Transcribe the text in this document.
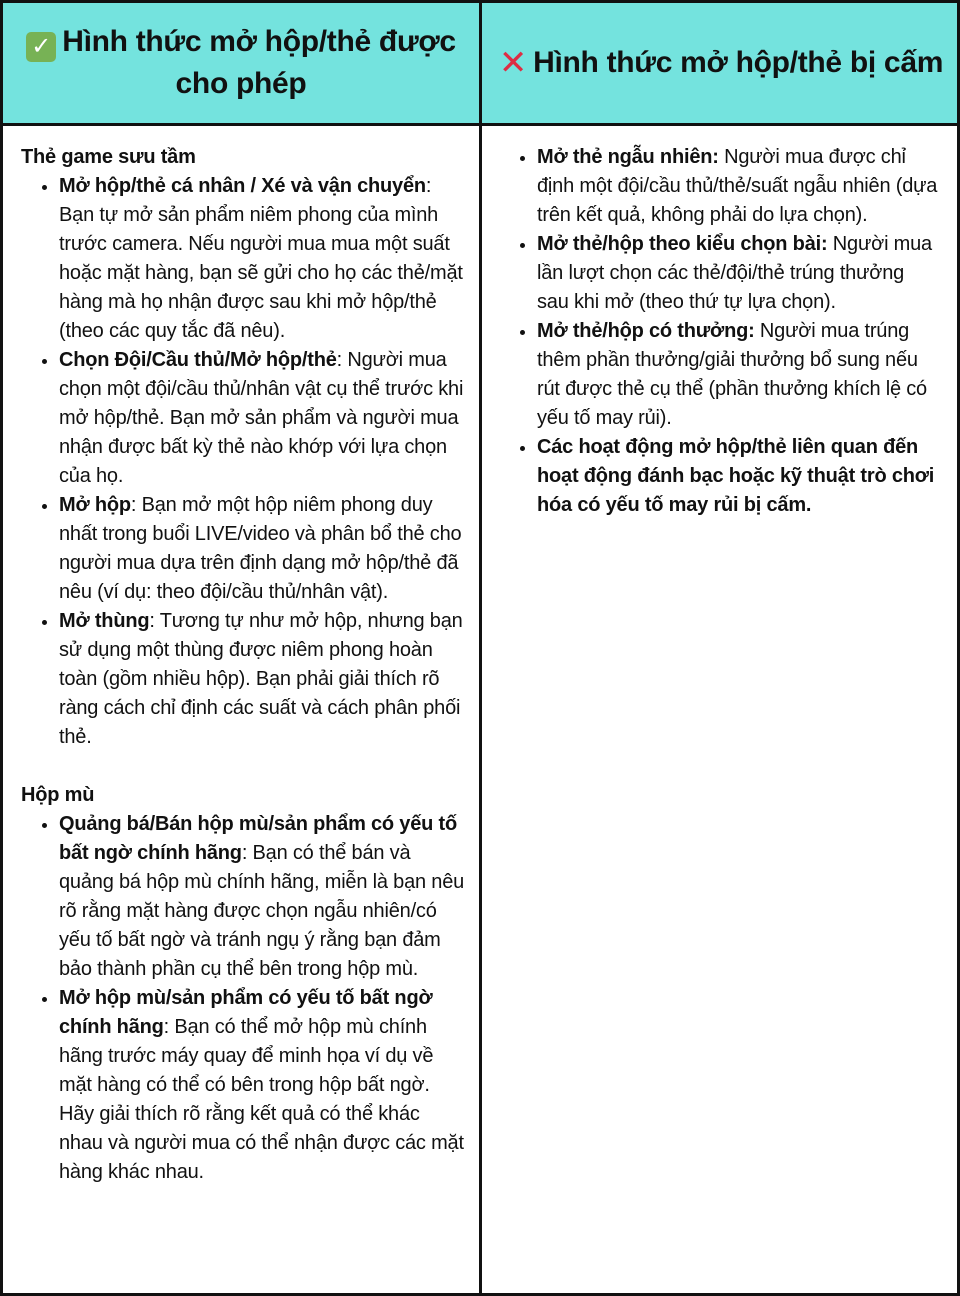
✓ Hình thức mở hộp/thẻ được cho phép
✕ Hình thức mở hộp/thẻ bị cấm

Thẻ game sưu tầm

• Mở hộp/thẻ cá nhân / Xé và vận chuyển: Bạn tự mở sản phẩm niêm phong của mình trước camera. Nếu người mua mua một suất hoặc mặt hàng, bạn sẽ gửi cho họ các thẻ/mặt hàng mà họ nhận được sau khi mở hộp/thẻ (theo các quy tắc đã nêu).
• Chọn Đội/Cầu thủ/Mở hộp/thẻ: Người mua chọn một đội/cầu thủ/nhân vật cụ thể trước khi mở hộp/thẻ. Bạn mở sản phẩm và người mua nhận được bất kỳ thẻ nào khớp với lựa chọn của họ.
• Mở hộp: Bạn mở một hộp niêm phong duy nhất trong buổi LIVE/video và phân bổ thẻ cho người mua dựa trên định dạng mở hộp/thẻ đã nêu (ví dụ: theo đội/cầu thủ/nhân vật).
• Mở thùng: Tương tự như mở hộp, nhưng bạn sử dụng một thùng được niêm phong hoàn toàn (gồm nhiều hộp). Bạn phải giải thích rõ ràng cách chỉ định các suất và cách phân phối thẻ.

Hộp mù

• Quảng bá/Bán hộp mù/sản phẩm có yếu tố bất ngờ chính hãng: Bạn có thể bán và quảng bá hộp mù chính hãng, miễn là bạn nêu rõ rằng mặt hàng được chọn ngẫu nhiên/có yếu tố bất ngờ và tránh ngụ ý rằng bạn đảm bảo thành phần cụ thể bên trong hộp mù.
• Mở hộp mù/sản phẩm có yếu tố bất ngờ chính hãng: Bạn có thể mở hộp mù chính hãng trước máy quay để minh họa ví dụ về mặt hàng có thể có bên trong hộp bất ngờ. Hãy giải thích rõ rằng kết quả có thể khác nhau và người mua có thể nhận được các mặt hàng khác nhau.
• Mở thẻ ngẫu nhiên: Người mua được chỉ định một đội/cầu thủ/thẻ/suất ngẫu nhiên (dựa trên kết quả, không phải do lựa chọn).
• Mở thẻ/hộp theo kiểu chọn bài: Người mua lần lượt chọn các thẻ/đội/thẻ trúng thưởng sau khi mở (theo thứ tự lựa chọn).
• Mở thẻ/hộp có thưởng: Người mua trúng thêm phần thưởng/giải thưởng bổ sung nếu rút được thẻ cụ thể (phần thưởng khích lệ có yếu tố may rủi).
• Các hoạt động mở hộp/thẻ liên quan đến hoạt động đánh bạc hoặc kỹ thuật trò chơi hóa có yếu tố may rủi bị cấm.
